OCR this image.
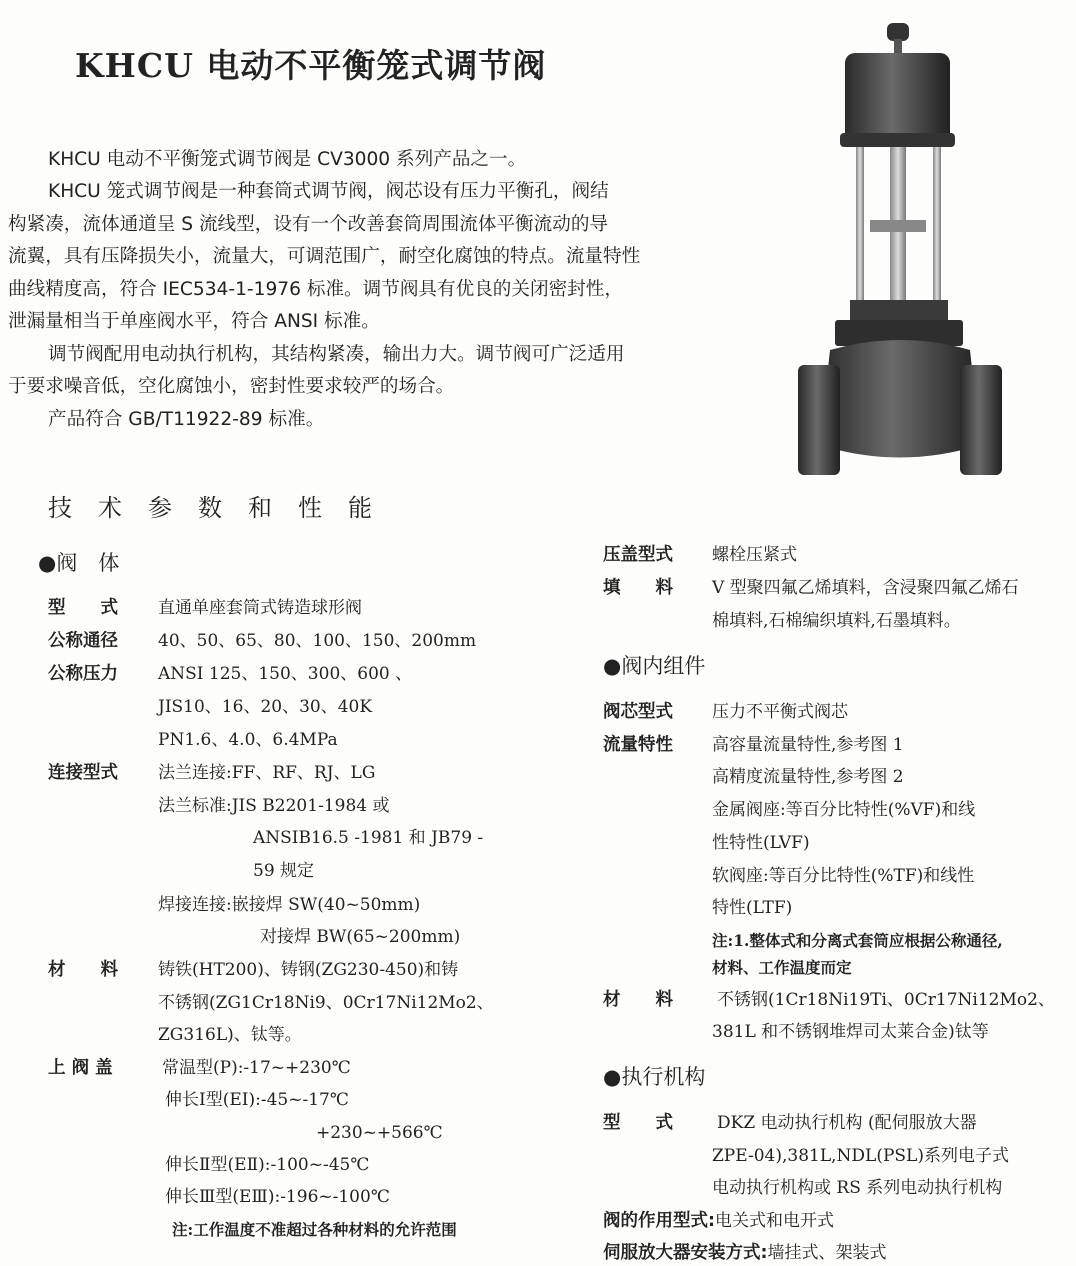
KHCU 电动不平衡笼式调节阀
KHCU 电动不平衡笼式调节阀是 CV3000 系列产品之一。
KHCU 笼式调节阀是一种套筒式调节阀，阀芯设有压力平衡孔，阀结
构紧凑，流体通道呈 S 流线型，设有一个改善套筒周围流体平衡流动的导
流翼，具有压降损失小，流量大，可调范围广，耐空化腐蚀的特点。流量特性
曲线精度高，符合 IEC534-1-1976 标准。调节阀具有优良的关闭密封性，
泄漏量相当于单座阀水平，符合 ANSI 标准。
调节阀配用电动执行机构，其结构紧凑，输出力大。调节阀可广泛适用
于要求噪音低，空化腐蚀小，密封性要求较严的场合。
产品符合 GB/T11922-89 标准。
技术参数和性能
●阀　体
型　　式 直通单座套筒式铸造球形阀
公称通径 40、50、65、80、100、150、200mm
公称压力 ANSI 125、150、300、600 、
JIS10、16、20、30、40K
PN1.6、4.0、6.4MPa
连接型式 法兰连接:FF、RF、RJ、LG
法兰标准:JIS B2201-1984 或
ANSIB16.5 -1981 和 JB79 -
59 规定
焊接连接:嵌接焊 SW(40~50mm)
对接焊 BW(65~200mm)
材　　料 铸铁(HT200)、铸钢(ZG230-450)和铸
不锈钢(ZG1Cr18Ni9、0Cr17Ni12Mo2、
ZG316L)、钛等。
上 阀 盖	常温型(P):-17~+230℃
伸长Ⅰ型(EⅠ):-45~-17℃
+230~+566℃
伸长Ⅱ型(EⅡ):-100~-45℃
伸长Ⅲ型(EⅢ):-196~-100℃
注:工作温度不准超过各种材料的允许范围
压盖型式 螺栓压紧式
填　　料 V 型聚四氟乙烯填料，含浸聚四氟乙烯石
棉填料,石棉编织填料,石墨填料。
●阀内组件
阀芯型式 压力不平衡式阀芯
流量特性 高容量流量特性,参考图 1
高精度流量特性,参考图 2
金属阀座:等百分比特性(%VF)和线
性特性(LVF)
软阀座:等百分比特性(%TF)和线性
特性(LTF)
注:1.整体式和分离式套筒应根据公称通径,
材料、工作温度而定
材　　料	不锈钢(1Cr18Ni19Ti、0Cr17Ni12Mo2、
381L 和不锈钢堆焊司太莱合金)钛等
●执行机构
型　　式	DKZ 电动执行机构 (配伺服放大器
ZPE-04),381L,NDL(PSL)系列电子式
电动执行机构或 RS 系列电动执行机构
阀的作用型式:电关式和电开式
伺服放大器安装方式:墙挂式、架装式
